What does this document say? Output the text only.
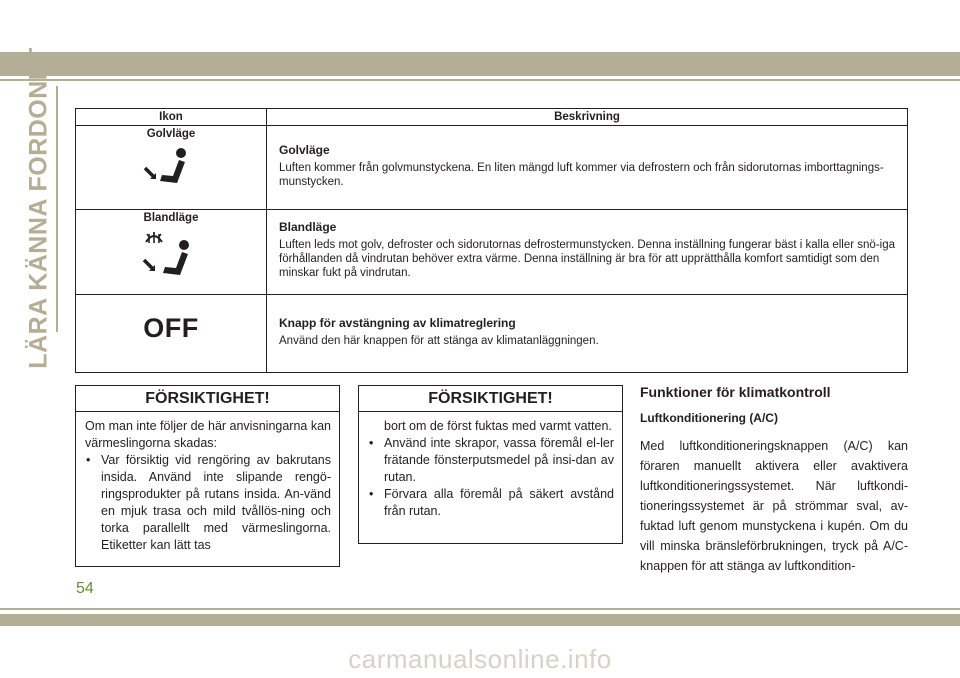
LÄRA KÄNNA FORDONET	Ikon	Beskrivning

Golvläge	Golvläge

Luften kommer från golvmunstyckena. En liten mängd luft kommer via defrostern och från sidorutornas imborttagnings-munstycken.

Blandläge	Blandläge

Luften leds mot golv, defroster och sidorutornas defrostermunstycken. Denna inställning fungerar bäst i kalla eller snö-iga förhållanden då vindrutan behöver extra värme. Denna inställning är bra för att upprätthålla komfort samtidigt som den minskar fukt på vindrutan.

OFF	Knapp för avstängning av klimatreglering

Använd den här knappen för att stänga av klimatanläggningen.

FÖRSIKTIGHET!

Om man inte följer de här anvisningarna kan värmeslingorna skadas:

• Var försiktig vid rengöring av bakrutans insida. Använd inte slipande rengö-ringsprodukter på rutans insida. An-vänd en mjuk trasa och mild tvållös-ning och torka parallellt med värmeslingorna. Etiketter kan lätt tas
FÖRSIKTIGHET!

bort om de först fuktas med varmt vatten.

• Använd inte skrapor, vassa föremål el-ler frätande fönsterputsmedel på insi-dan av rutan.
• Förvara alla föremål på säkert avstånd från rutan.

Funktioner för klimatkontroll

Luftkonditionering (A/C)

Med luftkonditioneringsknappen (A/C) kan föraren manuellt aktivera eller avaktivera luftkonditioneringssystemet. När luftkondi-tioneringssystemet är på strömmar sval, av-fuktad luft genom munstyckena i kupén. Om du vill minska bränsleförbrukningen, tryck på A/C-knappen för att stänga av luftkondition-

54
carmanualsonline.info
